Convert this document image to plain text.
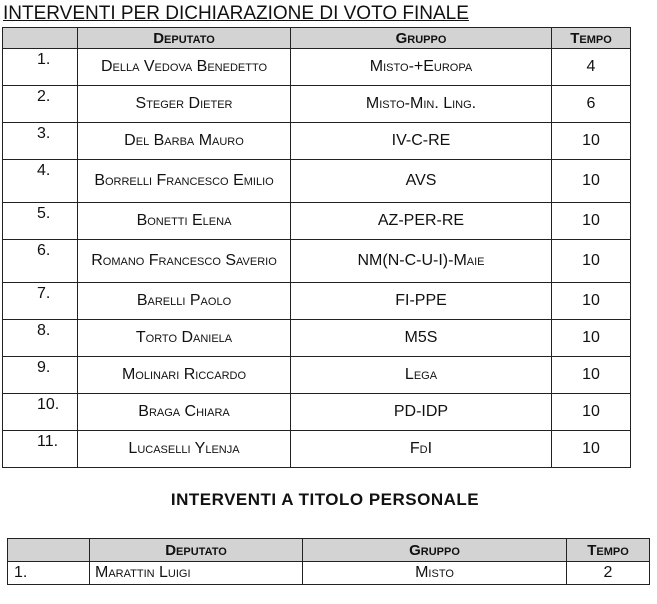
INTERVENTI PER DICHIARAZIONE DI VOTO FINALE
	Deputato	Gruppo	Tempo
1.	Della Vedova Benedetto	Misto-+Europa	4
2.	Steger Dieter	Misto-Min. Ling.	6
3.	Del Barba Mauro	IV-C-RE	10
4.	Borrelli Francesco Emilio	AVS	10
5.	Bonetti Elena	AZ-PER-RE	10
6.	Romano Francesco Saverio	NM(N-C-U-I)-Maie	10
7.	Barelli Paolo	FI-PPE	10
8.	Torto Daniela	M5S	10
9.	Molinari Riccardo	Lega	10
10.	Braga Chiara	PD-IDP	10
11.	Lucaselli Ylenja	FdI	10
INTERVENTI A TITOLO PERSONALE
	Deputato	Gruppo	Tempo
1.	Marattin Luigi	Misto	2
